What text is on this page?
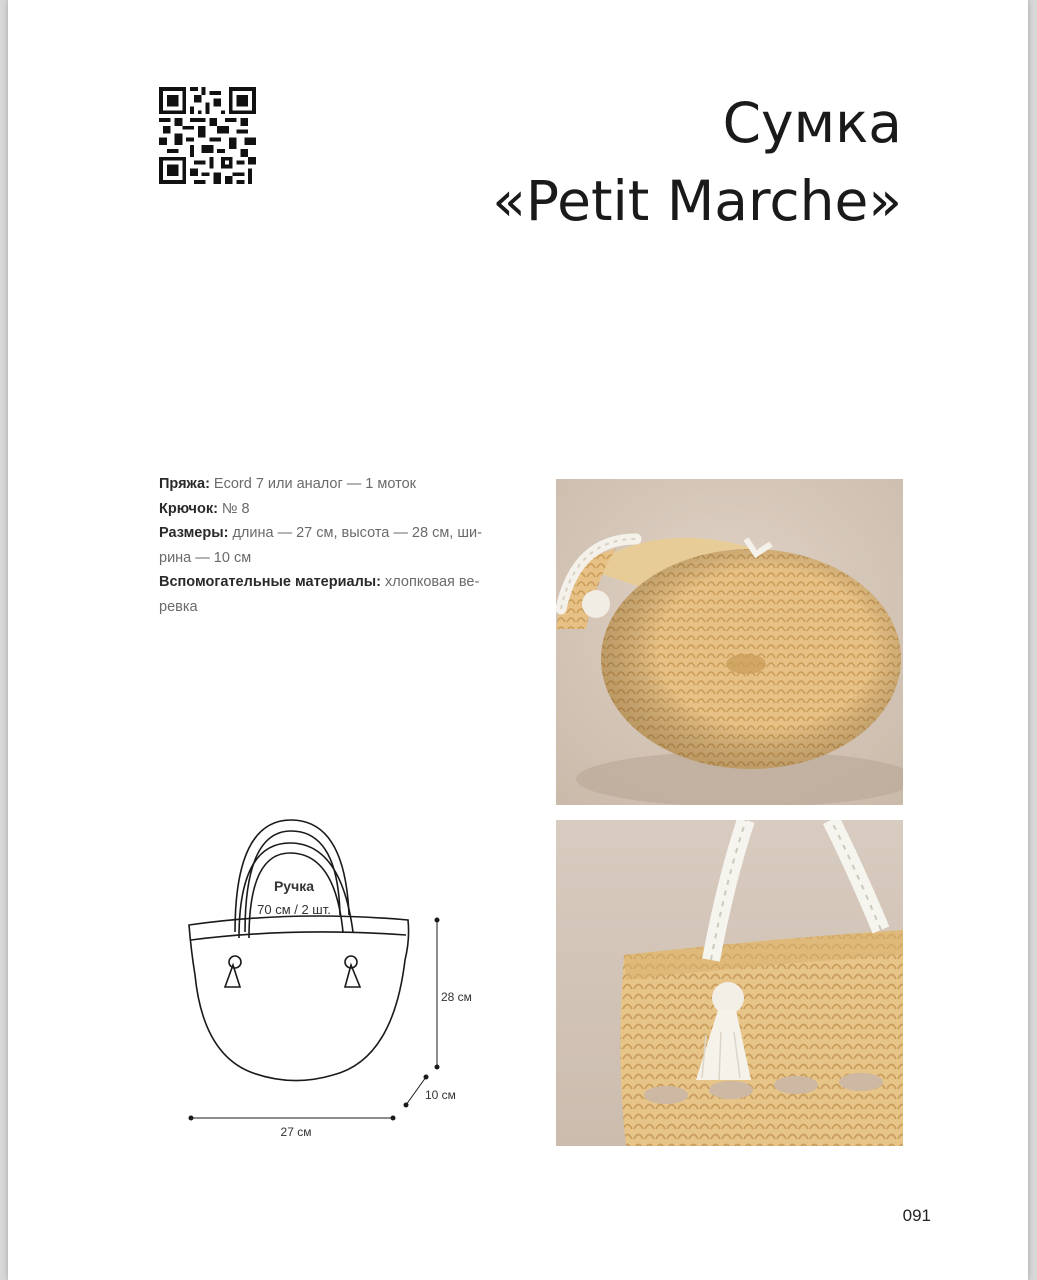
Сумка
«Petit Marche»

Пряжа: Ecord 7 или аналог — 1 моток

Крючок: № 8

Размеры: длина — 27 см, высота — 28 см, ши-рина — 10 см

Вспомогательные материалы: хлопковая ве-ревка

Ручка
70 см / 2 шт.
28 см
10 см
27 см
091
